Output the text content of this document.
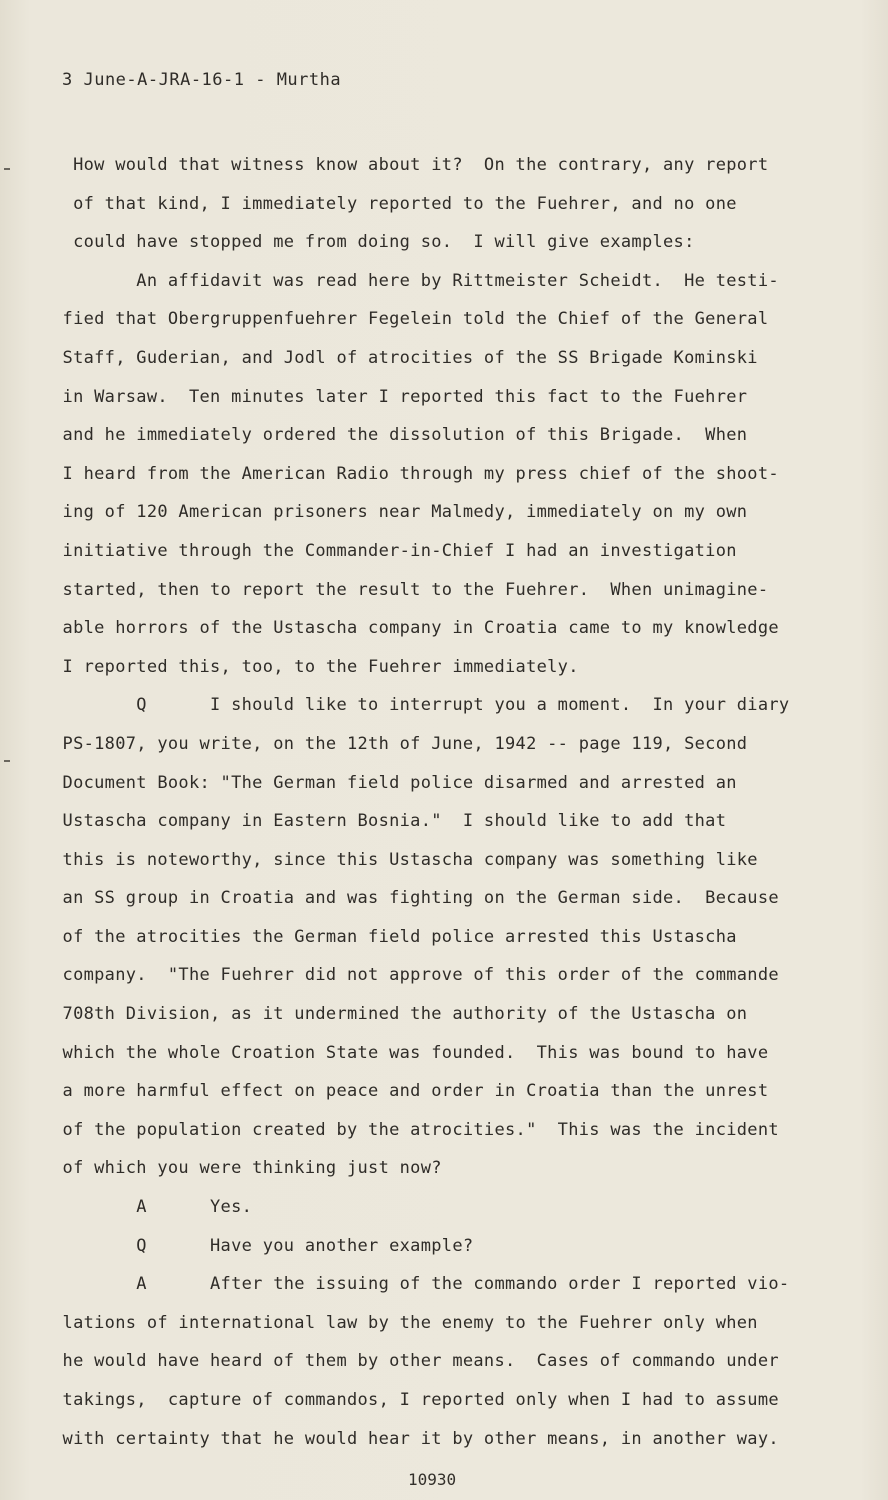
3 June-A-JRA-16-1 - Murtha
How would that witness know about it?  On the contrary, any report
of that kind, I immediately reported to the Fuehrer, and no one
could have stopped me from doing so.  I will give examples:
An affidavit was read here by Rittmeister Scheidt.  He testi-
fied that Obergruppenfuehrer Fegelein told the Chief of the General
Staff, Guderian, and Jodl of atrocities of the SS Brigade Kominski
in Warsaw.  Ten minutes later I reported this fact to the Fuehrer
and he immediately ordered the dissolution of this Brigade.  When
I heard from the American Radio through my press chief of the shoot-
ing of 120 American prisoners near Malmedy, immediately on my own
initiative through the Commander-in-Chief I had an investigation
started, then to report the result to the Fuehrer.  When unimagine-
able horrors of the Ustascha company in Croatia came to my knowledge
I reported this, too, to the Fuehrer immediately.
Q      I should like to interrupt you a moment.  In your diary
PS-1807, you write, on the 12th of June, 1942 -- page 119, Second
Document Book: "The German field police disarmed and arrested an
Ustascha company in Eastern Bosnia."  I should like to add that
this is noteworthy, since this Ustascha company was something like
an SS group in Croatia and was fighting on the German side.  Because
of the atrocities the German field police arrested this Ustascha
company.  "The Fuehrer did not approve of this order of the commande
708th Division, as it undermined the authority of the Ustascha on
which the whole Croation State was founded.  This was bound to have
a more harmful effect on peace and order in Croatia than the unrest
of the population created by the atrocities."  This was the incident
of which you were thinking just now?
A      Yes.
Q      Have you another example?
A      After the issuing of the commando order I reported vio-
lations of international law by the enemy to the Fuehrer only when
he would have heard of them by other means.  Cases of commando under
takings,  capture of commandos, I reported only when I had to assume
with certainty that he would hear it by other means, in another way.
10930
